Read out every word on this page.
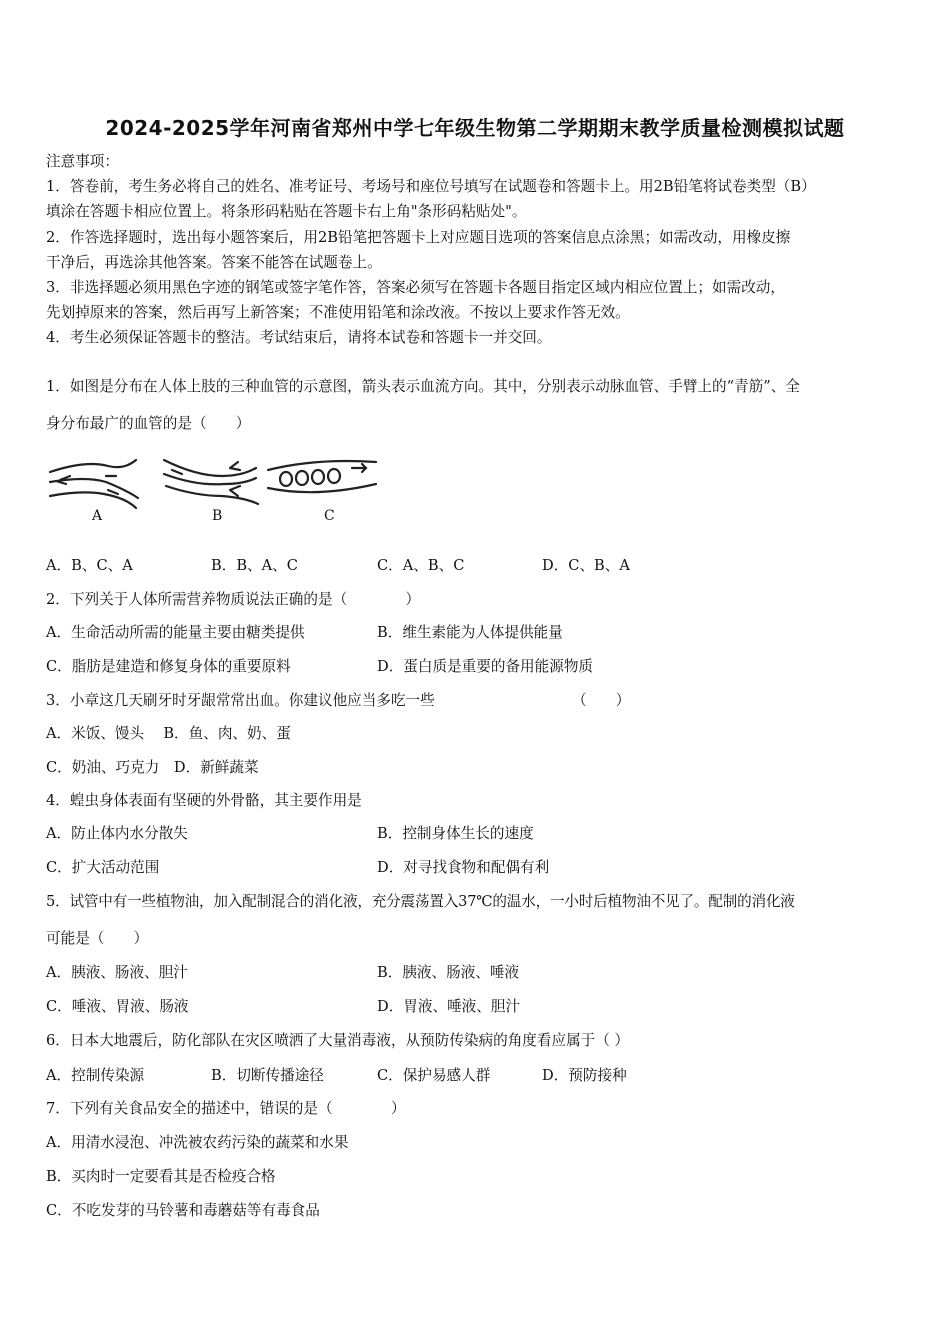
2024-2025学年河南省郑州中学七年级生物第二学期期末教学质量检测模拟试题
注意事项：
1．答卷前，考生务必将自己的姓名、准考证号、考场号和座位号填写在试题卷和答题卡上。用2B铅笔将试卷类型（B）
填涂在答题卡相应位置上。将条形码粘贴在答题卡右上角"条形码粘贴处"。
2．作答选择题时，选出每小题答案后，用2B铅笔把答题卡上对应题目选项的答案信息点涂黑；如需改动，用橡皮擦
干净后，再选涂其他答案。答案不能答在试题卷上。
3．非选择题必须用黑色字迹的钢笔或签字笔作答，答案必须写在答题卡各题目指定区域内相应位置上；如需改动，
先划掉原来的答案，然后再写上新答案；不准使用铅笔和涂改液。不按以上要求作答无效。
4．考生必须保证答题卡的整洁。考试结束后，请将本试卷和答题卡一并交回。
1．如图是分布在人体上肢的三种血管的示意图，箭头表示血流方向。其中，分别表示动脉血管、手臂上的“青筋”、全
身分布最广的血管的是（　　）
A	B	C
A．B、C、A	B．B、A、C	C．A、B、C	D．C、B、A
2．下列关于人体所需营养物质说法正确的是（　　　　）
A．生命活动所需的能量主要由糖类提供	B．维生素能为人体提供能量
C．脂肪是建造和修复身体的重要原料	D．蛋白质是重要的备用能源物质
3．小章这几天刷牙时牙龈常常出血。你建议他应当多吃一些	（　　）
A．米饭、馒头　 B．鱼、肉、奶、蛋
C．奶油、巧克力　D．新鲜蔬菜
4．蝗虫身体表面有坚硬的外骨骼，其主要作用是
A．防止体内水分散失	B．控制身体生长的速度
C．扩大活动范围	D．对寻找食物和配偶有利
5．试管中有一些植物油，加入配制混合的消化液，充分震荡置入37℃的温水，一小时后植物油不见了。配制的消化液
可能是（　　）
A．胰液、肠液、胆汁	B．胰液、肠液、唾液
C．唾液、胃液、肠液	D．胃液、唾液、胆汁
6．日本大地震后，防化部队在灾区喷洒了大量消毒液，从预防传染病的角度看应属于（ ）
A．控制传染源	B．切断传播途径	C．保护易感人群	D．预防接种
7．下列有关食品安全的描述中，错误的是（　　　　）
A．用清水浸泡、冲洗被农药污染的蔬菜和水果
B．买肉时一定要看其是否检疫合格
C．不吃发芽的马铃薯和毒蘑菇等有毒食品
